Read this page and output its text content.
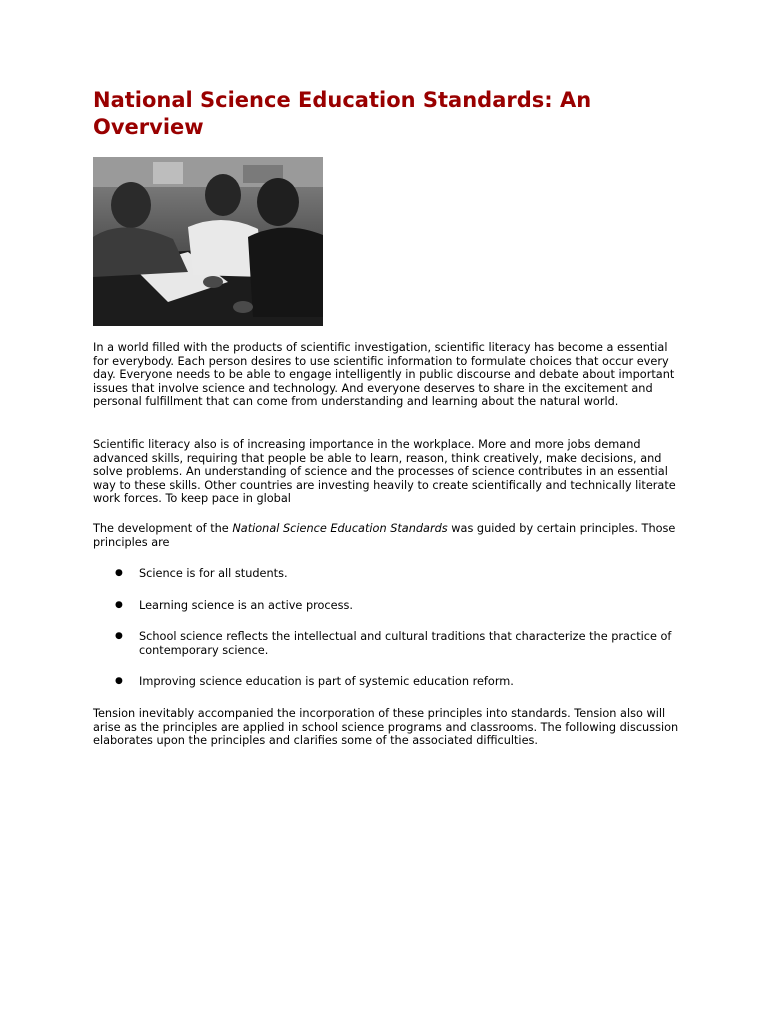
National Science Education Standards: An Overview

In a world filled with the products of scientific investigation, scientific literacy has become a essential for everybody. Each person desires to use scientific information to formulate choices that occur every day. Everyone needs to be able to engage intelligently in public discourse and debate about important issues that involve science and technology. And everyone deserves to share in the excitement and personal fulfillment that can come from understanding and learning about the natural world.

Scientific literacy also is of increasing importance in the workplace. More and more jobs demand advanced skills, requiring that people be able to learn, reason, think creatively, make decisions, and solve problems. An understanding of science and the processes of science contributes in an essential way to these skills. Other countries are investing heavily to create scientifically and technically literate work forces. To keep pace in global

The development of the National Science Education Standards was guided by certain principles. Those principles are

● Science is for all students.
● Learning science is an active process.
● School science reflects the intellectual and cultural traditions that characterize the practice of contemporary science.
● Improving science education is part of systemic education reform.

Tension inevitably accompanied the incorporation of these principles into standards. Tension also will arise as the principles are applied in school science programs and classrooms. The following discussion elaborates upon the principles and clarifies some of the associated difficulties.
